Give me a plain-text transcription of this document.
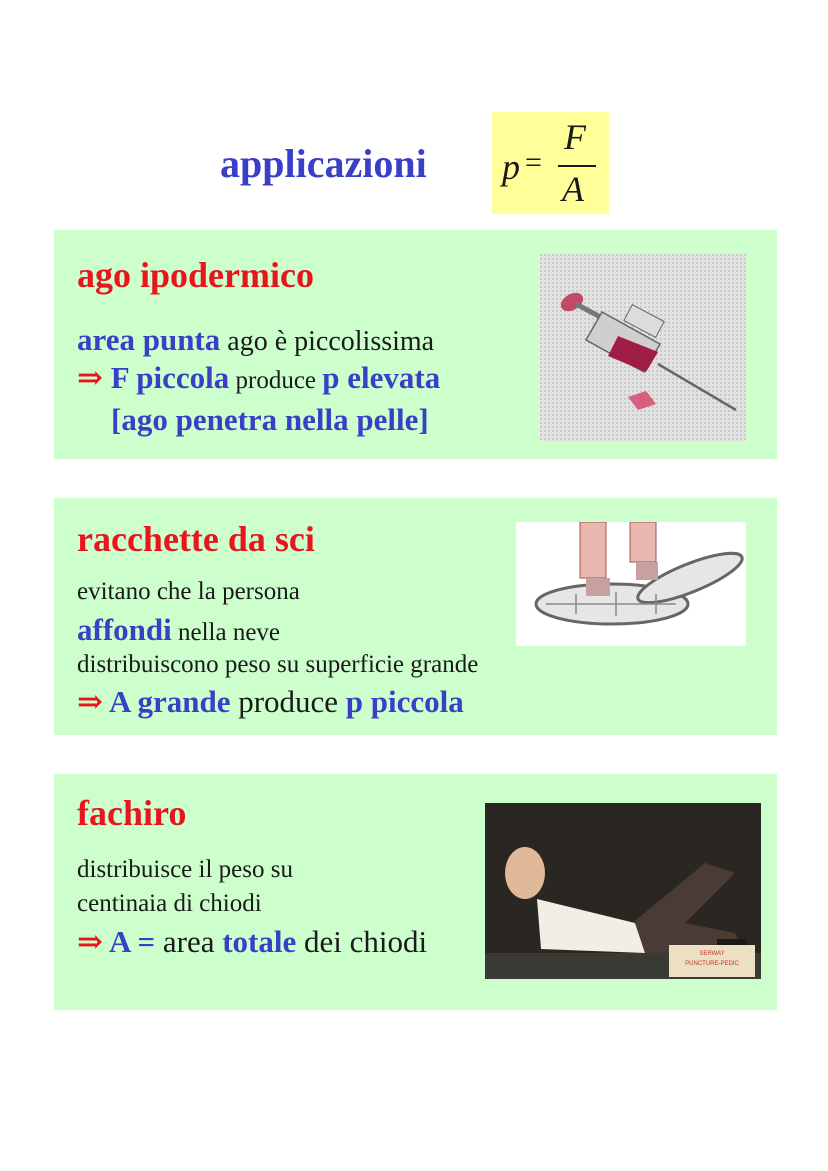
applicazioni p =
F
A
ago ipodermico
area punta ago è piccolissima
⇒ F piccola produce p elevata
[ago penetra nella pelle]
racchette da sci
evitano che la persona
affondi nella neve
distribuiscono peso su superficie grande
⇒ A grande produce p piccola
fachiro
distribuisce il peso su
centinaia di chiodi
⇒ A = area totale dei chiodi	SERWAY
PUNCTURE-PEDIC
